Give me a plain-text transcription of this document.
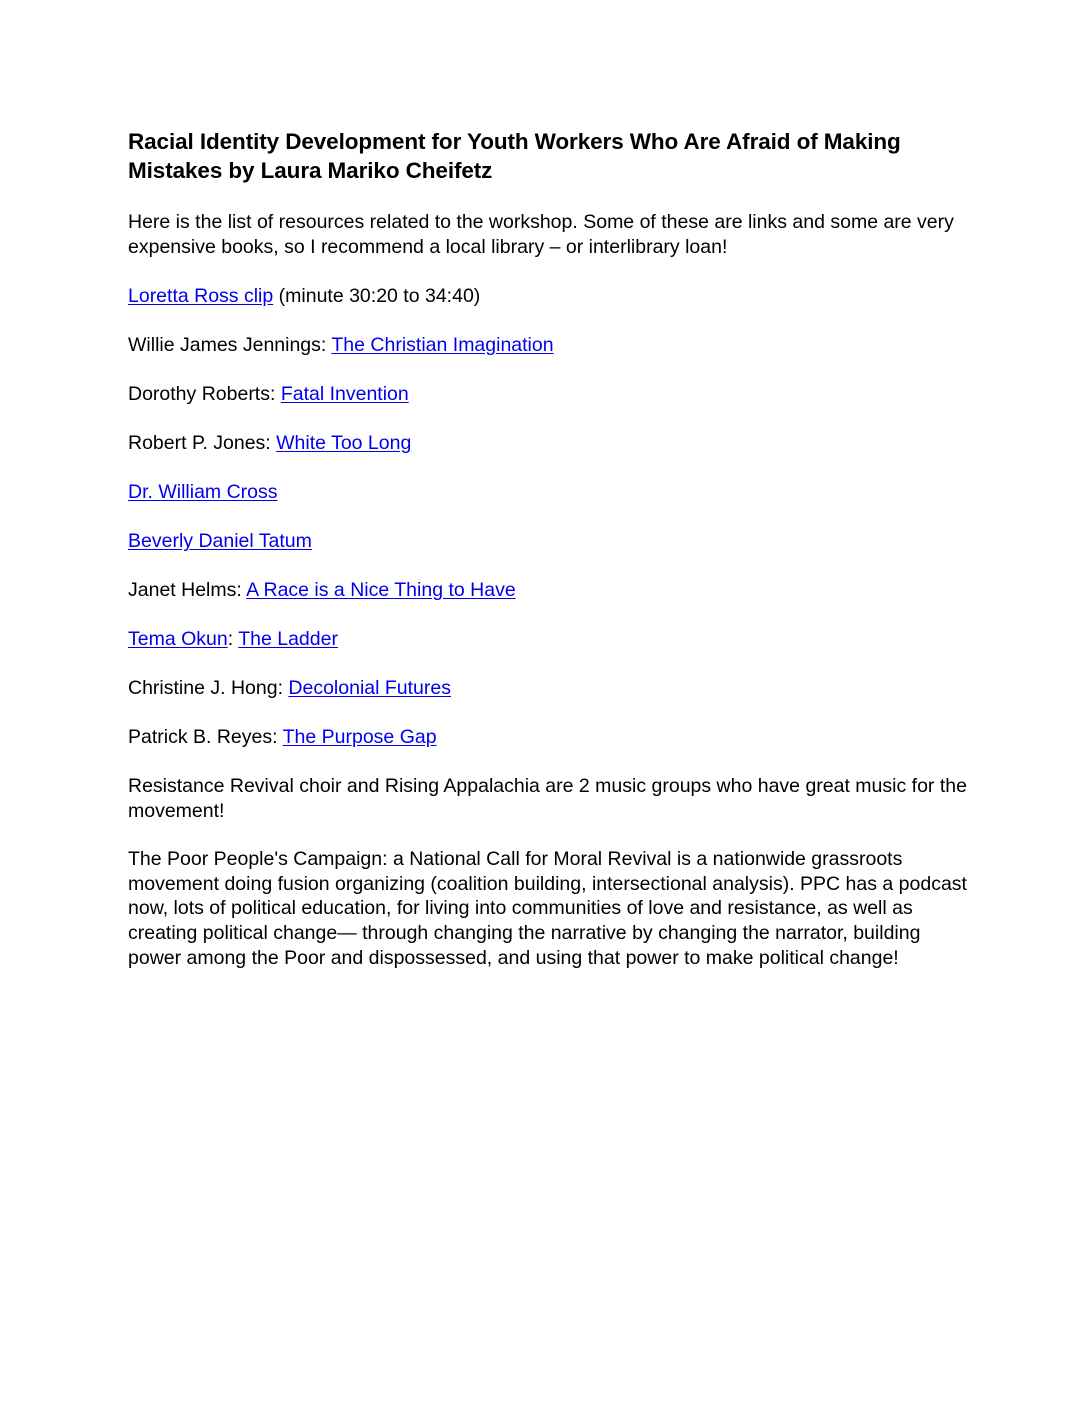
Racial Identity Development for Youth Workers Who Are Afraid of Making Mistakes by Laura Mariko Cheifetz

Here is the list of resources related to the workshop. Some of these are links and some are very expensive books, so I recommend a local library – or interlibrary loan!

Loretta Ross clip (minute 30:20 to 34:40)

Willie James Jennings: The Christian Imagination

Dorothy Roberts: Fatal Invention

Robert P. Jones: White Too Long

Dr. William Cross

Beverly Daniel Tatum

Janet Helms: A Race is a Nice Thing to Have

Tema Okun: The Ladder

Christine J. Hong: Decolonial Futures

Patrick B. Reyes: The Purpose Gap

Resistance Revival choir and Rising Appalachia are 2 music groups who have great music for the movement!

The Poor People's Campaign: a National Call for Moral Revival is a nationwide grassroots movement doing fusion organizing (coalition building, intersectional analysis). PPC has a podcast now, lots of political education, for living into communities of love and resistance, as well as creating political change— through changing the narrative by changing the narrator, building power among the Poor and dispossessed, and using that power to make political change!
